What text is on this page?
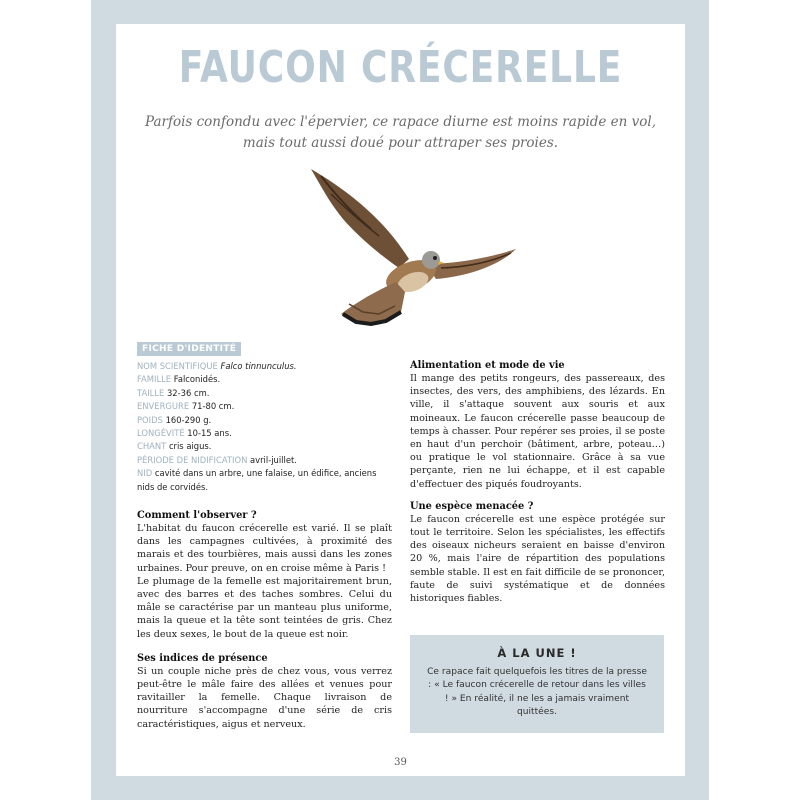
FAUCON CRÉCERELLE
Parfois confondu avec l'épervier, ce rapace diurne est moins rapide en vol,
mais tout aussi doué pour attraper ses proies.
FICHE D'IDENTITÉ

NOM SCIENTIFIQUE Falco tinnunculus.

FAMILLE Falconidés.

TAILLE 32-36 cm.

ENVERGURE 71-80 cm.

POIDS 160-290 g.

LONGÉVITÉ 10-15 ans.

CHANT cris aigus.

PÉRIODE DE NIDIFICATION avril-juillet.

NID cavité dans un arbre, une falaise, un édifice, anciens nids de corvidés.

Comment l'observer ?

L'habitat du faucon crécerelle est varié. Il se plaît dans les campagnes cultivées, à proximité des marais et des tourbières, mais aussi dans les zones urbaines. Pour preuve, on en croise même à Paris !

Le plumage de la femelle est majoritairement brun, avec des barres et des taches sombres. Celui du mâle se caractérise par un manteau plus uniforme, mais la queue et la tête sont teintées de gris. Chez les deux sexes, le bout de la queue est noir.

Ses indices de présence

Si un couple niche près de chez vous, vous verrez peut-être le mâle faire des allées et venues pour ravitailler la femelle. Chaque livraison de nourriture s'accompagne d'une série de cris caractéristiques, aigus et nerveux.

Alimentation et mode de vie

Il mange des petits rongeurs, des passereaux, des insectes, des vers, des amphibiens, des lézards. En ville, il s'attaque souvent aux souris et aux moineaux. Le faucon crécerelle passe beaucoup de temps à chasser. Pour repérer ses proies, il se poste en haut d'un perchoir (bâtiment, arbre, poteau…) ou pratique le vol stationnaire. Grâce à sa vue perçante, rien ne lui échappe, et il est capable d'effectuer des piqués foudroyants.

Une espèce menacée ?

Le faucon crécerelle est une espèce protégée sur tout le territoire. Selon les spécialistes, les effectifs des oiseaux nicheurs seraient en baisse d'environ 20 %, mais l'aire de répartition des populations semble stable. Il est en fait difficile de se prononcer, faute de suivi systématique et de données historiques fiables.

À LA UNE !
Ce rapace fait quelquefois les titres de la presse : « Le faucon crécerelle de retour dans les villes ! » En réalité, il ne les a jamais vraiment quittées.
39
